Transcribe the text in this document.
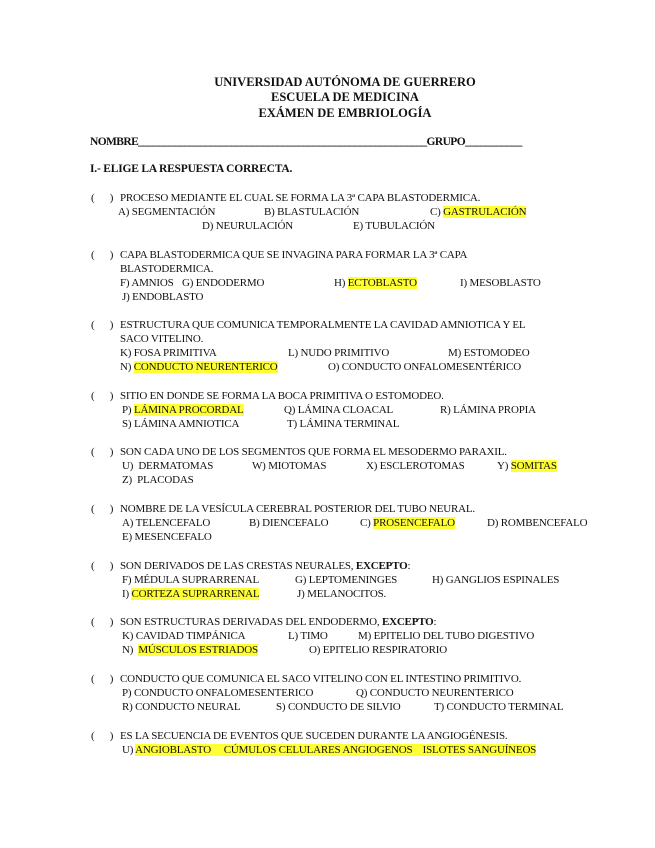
UNIVERSIDAD AUTÓNOMA DE GUERRERO
ESCUELA DE MEDICINA
EXÁMEN DE EMBRIOLOGÍA
NOMBRE________________________________________________________GRUPO___________
I.- ELIGE LA RESPUESTA CORRECTA.
(      ) PROCESO MEDIANTE EL CUAL SE FORMA LA 3ª CAPA BLASTODERMICA.
A) SEGMENTACIÓN	B) BLASTULACIÓN	C) GASTRULACIÓN
D) NEURULACIÓN	E) TUBULACIÓN
(      ) CAPA BLASTODERMICA QUE SE INVAGINA PARA FORMAR LA 3ª CAPA
BLASTODERMICA.
F) AMNIOS G) ENDODERMO	H) ECTOBLASTO	I) MESOBLASTO
J) ENDOBLASTO
(      ) ESTRUCTURA QUE COMUNICA TEMPORALMENTE LA CAVIDAD AMNIOTICA Y EL
SACO VITELINO.
K) FOSA PRIMITIVA	L) NUDO PRIMITIVO	M) ESTOMODEO
N) CONDUCTO NEURENTERICO	O) CONDUCTO ONFALOMESENTÉRICO
(      ) SITIO EN DONDE SE FORMA LA BOCA PRIMITIVA O ESTOMODEO.
P) LÁMINA PROCORDAL	Q) LÁMINA CLOACAL	R) LÁMINA PROPIA
S) LÁMINA AMNIOTICA	T) LÁMINA TERMINAL
(      ) SON CADA UNO DE LOS SEGMENTOS QUE FORMA EL MESODERMO PARAXIL.
U)  DERMATOMAS	W) MIOTOMAS	X) ESCLEROTOMAS	Y) SOMITAS
Z)  PLACODAS
(      ) NOMBRE DE LA VESÍCULA CEREBRAL POSTERIOR DEL TUBO NEURAL.
A) TELENCEFALO	B) DIENCEFALO	C) PROSENCEFALO	D) ROMBENCEFALO
E) MESENCEFALO
(      ) SON DERIVADOS DE LAS CRESTAS NEURALES, EXCEPTO:
F) MÉDULA SUPRARRENAL	G) LEPTOMENINGES	H) GANGLIOS ESPINALES
I) CORTEZA SUPRARRENAL	J) MELANOCITOS.
(      ) SON ESTRUCTURAS DERIVADAS DEL ENDODERMO, EXCEPTO:
K) CAVIDAD TIMPÁNICA	L) TIMO	M) EPITELIO DEL TUBO DIGESTIVO
N)  MÚSCULOS ESTRIADOS	O) EPITELIO RESPIRATORIO
(      ) CONDUCTO QUE COMUNICA EL SACO VITELINO CON EL INTESTINO PRIMITIVO.
P) CONDUCTO ONFALOMESENTERICO	Q) CONDUCTO NEURENTERICO
R) CONDUCTO NEURAL	S) CONDUCTO DE SILVIO	T) CONDUCTO TERMINAL
(      ) ES LA SECUENCIA DE EVENTOS QUE SUCEDEN DURANTE LA ANGIOGÉNESIS.
U) ANGIOBLASTO     CÚMULOS CELULARES ANGIOGENOS    ISLOTES SANGUÍNEOS
